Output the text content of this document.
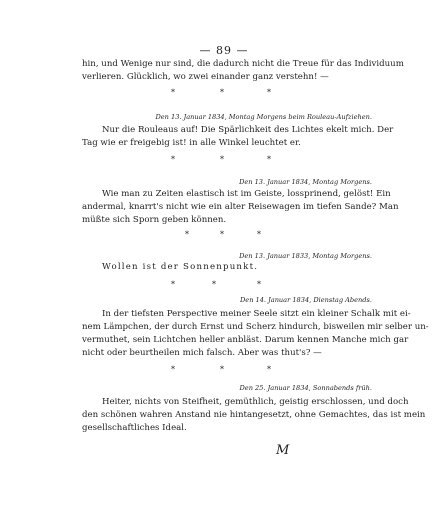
— 89 —
hin, und Wenige nur sind, die dadurch nicht die Treue für das Individuum
verlieren. Glücklich, wo zwei einander ganz verstehn! —
*	*	*
Den 13. Januar 1834, Montag Morgens beim Rouleau-Aufziehen.
Nur die Rouleaus auf! Die Spärlichkeit des Lichtes ekelt mich. Der
Tag wie er freigebig ist! in alle Winkel leuchtet er.
*	*	*
Den 13. Januar 1834, Montag Morgens.
Wie man zu Zeiten elastisch ist im Geiste, lossprinend, gelöst! Ein
andermal, knarrt's nicht wie ein alter Reisewagen im tiefen Sande? Man
müßte sich Sporn geben können.
*	*	*
Den 13. Januar 1833, Montag Morgens.
Wollen ist der Sonnenpunkt.
*	*	*
Den 14. Januar 1834, Dienstag Abends.
In der tiefsten Perspective meiner Seele sitzt ein kleiner Schalk mit ei-
nem Lämpchen, der durch Ernst und Scherz hindurch, bisweilen mir selber un-
vermuthet, sein Lichtchen heller anbläst. Darum kennen Manche mich gar
nicht oder beurtheilen mich falsch. Aber was thut's? —
*	*	*
Den 25. Januar 1834, Sonnabends früh.
Heiter, nichts von Steifheit, gemüthlich, geistig erschlossen, und doch
den schönen wahren Anstand nie hintangesetzt, ohne Gemachtes, das ist mein
gesellschaftliches Ideal.
M
